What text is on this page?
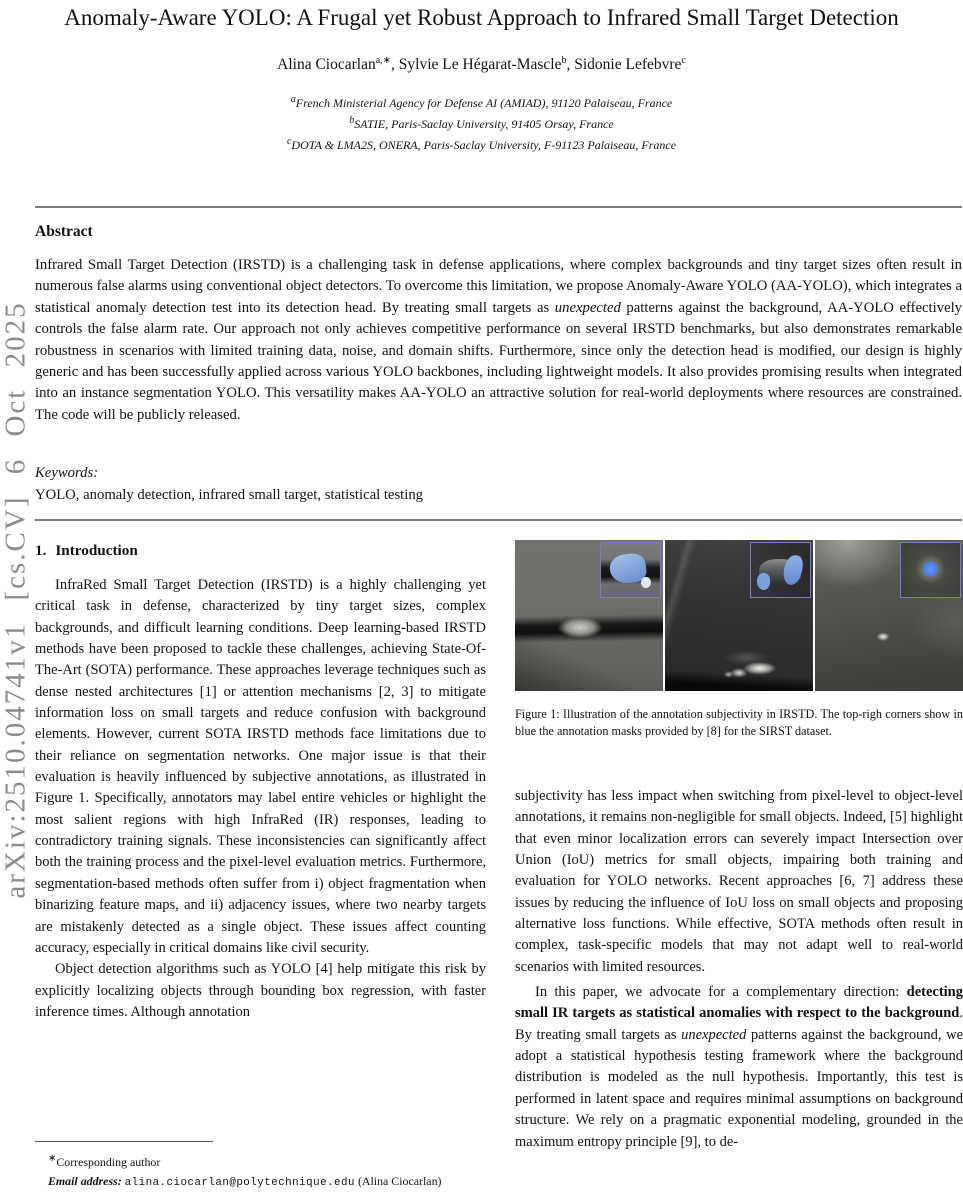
arXiv:2510.04741v1 [cs.CV] 6 Oct 2025
Anomaly-Aware YOLO: A Frugal yet Robust Approach to Infrared Small Target Detection
Alina Ciocarlan$^{a,∗}$, Sylvie Le Hégarat-Mascle$^b$, Sidonie Lefebvre$^c$
$^a$French Ministerial Agency for Defense AI (AMIAD), 91120 Palaiseau, France
$^b$SATIE, Paris-Saclay University, 91405 Orsay, France
$^c$DOTA & LMA2S, ONERA, Paris-Saclay University, F-91123 Palaiseau, France
Abstract
Infrared Small Target Detection (IRSTD) is a challenging task in defense applications, where complex backgrounds and tiny target sizes often result in numerous false alarms using conventional object detectors. To overcome this limitation, we propose Anomaly-Aware YOLO (AA-YOLO), which integrates a statistical anomaly detection test into its detection head. By treating small targets as unexpected patterns against the background, AA-YOLO effectively controls the false alarm rate. Our approach not only achieves competitive performance on several IRSTD benchmarks, but also demonstrates remarkable robustness in scenarios with limited training data, noise, and domain shifts. Furthermore, since only the detection head is modified, our design is highly generic and has been successfully applied across various YOLO backbones, including lightweight models. It also provides promising results when integrated into an instance segmentation YOLO. This versatility makes AA-YOLO an attractive solution for real-world deployments where resources are constrained. The code will be publicly released.
Keywords:
YOLO, anomaly detection, infrared small target, statistical testing
1. Introduction

InfraRed Small Target Detection (IRSTD) is a highly challenging yet critical task in defense, characterized by tiny target sizes, complex backgrounds, and difficult learning conditions. Deep learning-based IRSTD methods have been proposed to tackle these challenges, achieving State-Of-The-Art (SOTA) performance. These approaches leverage techniques such as dense nested architectures [1] or attention mechanisms [2, 3] to mitigate information loss on small targets and reduce confusion with background elements. However, current SOTA IRSTD methods face limitations due to their reliance on segmentation networks. One major issue is that their evaluation is heavily influenced by subjective annotations, as illustrated in Figure 1. Specifically, annotators may label entire vehicles or highlight the most salient regions with high InfraRed (IR) responses, leading to contradictory training signals. These inconsistencies can significantly affect both the training process and the pixel-level evaluation metrics. Furthermore, segmentation-based methods often suffer from i) object fragmentation when binarizing feature maps, and ii) adjacency issues, where two nearby targets are mistakenly detected as a single object. These issues affect counting accuracy, especially in critical domains like civil security.

Object detection algorithms such as YOLO [4] help mitigate this risk by explicitly localizing objects through bounding box regression, with faster inference times. Although annotation

Figure 1: Illustration of the annotation subjectivity in IRSTD. The top-righ corners show in blue the annotation masks provided by [8] for the SIRST dataset.

subjectivity has less impact when switching from pixel-level to object-level annotations, it remains non-negligible for small objects. Indeed, [5] highlight that even minor localization errors can severely impact Intersection over Union (IoU) metrics for small objects, impairing both training and evaluation for YOLO networks. Recent approaches [6, 7] address these issues by reducing the influence of IoU loss on small objects and proposing alternative loss functions. While effective, SOTA methods often result in complex, task-specific models that may not adapt well to real-world scenarios with limited resources.

In this paper, we advocate for a complementary direction: detecting small IR targets as statistical anomalies with respect to the background. By treating small targets as unexpected patterns against the background, we adopt a statistical hypothesis testing framework where the background distribution is modeled as the null hypothesis. Importantly, this test is performed in latent space and requires minimal assumptions on background structure. We rely on a pragmatic exponential modeling, grounded in the maximum entropy principle [9], to de-

∗Corresponding author
Email address: alina.ciocarlan@polytechnique.edu (Alina Ciocarlan)
